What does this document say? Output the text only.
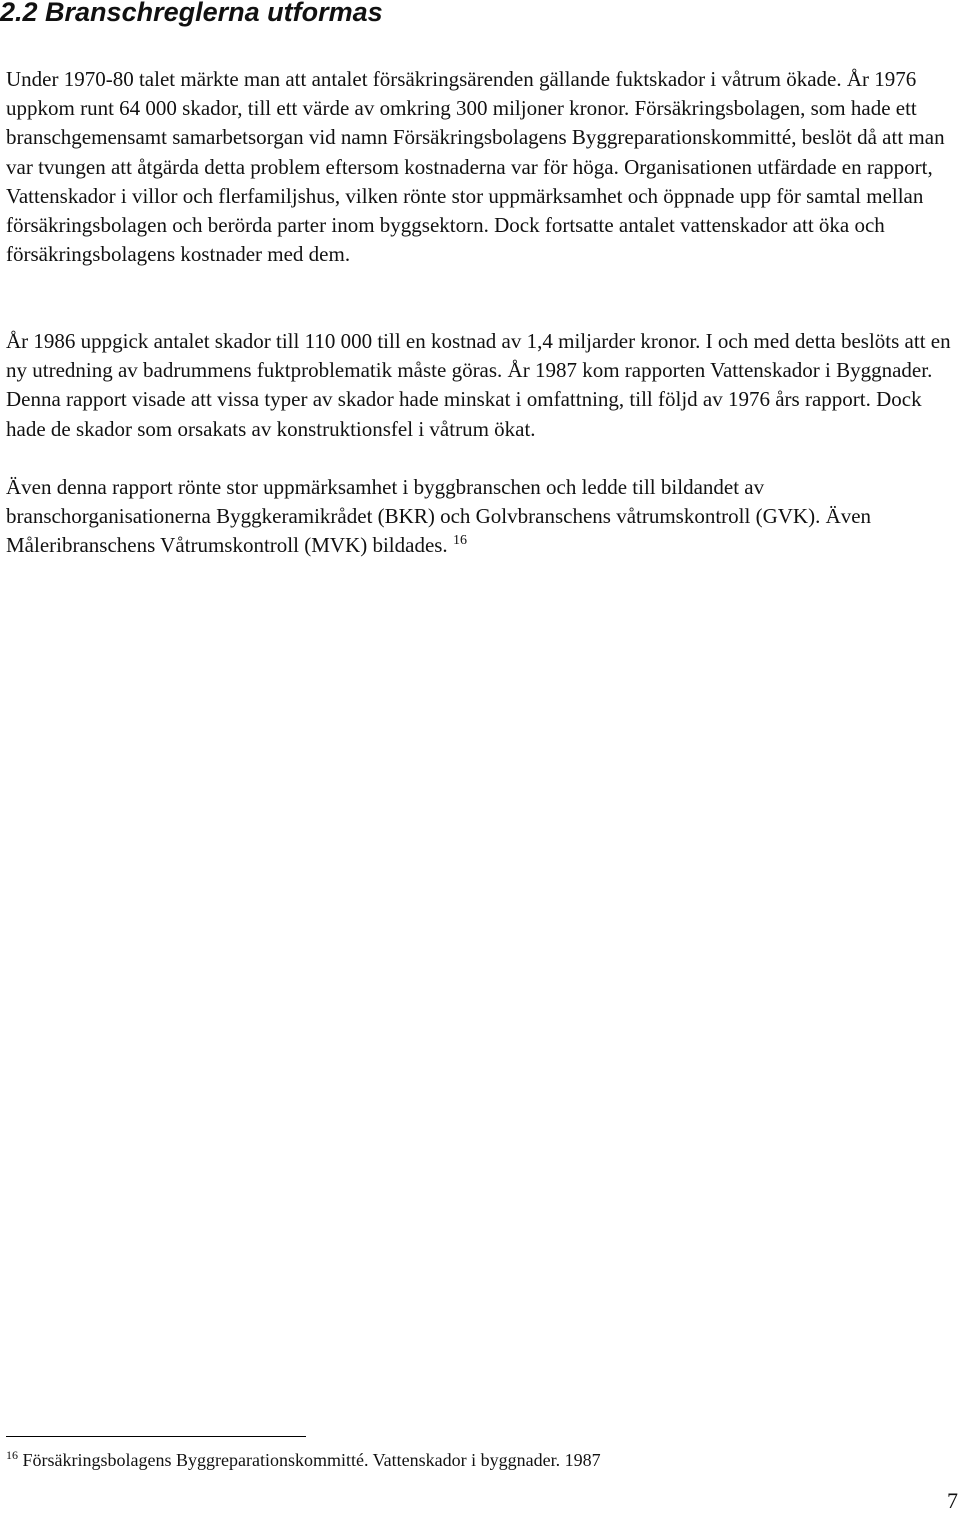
2.2 Branschreglerna utformas

Under 1970-80 talet märkte man att antalet försäkringsärenden gällande fuktskador i våtrum ökade. År 1976 uppkom runt 64 000 skador, till ett värde av omkring 300 miljoner kronor. Försäkringsbolagen, som hade ett branschgemensamt samarbetsorgan vid namn Försäkringsbolagens Byggreparationskommitté, beslöt då att man var tvungen att åtgärda detta problem eftersom kostnaderna var för höga. Organisationen utfärdade en rapport, Vattenskador i villor och flerfamiljshus, vilken rönte stor uppmärksamhet och öppnade upp för samtal mellan försäkringsbolagen och berörda parter inom byggsektorn. Dock fortsatte antalet vattenskador att öka och försäkringsbolagens kostnader med dem.

År 1986 uppgick antalet skador till 110 000 till en kostnad av 1,4 miljarder kronor. I och med detta beslöts att en ny utredning av badrummens fuktproblematik måste göras. År 1987 kom rapporten Vattenskador i Byggnader. Denna rapport visade att vissa typer av skador hade minskat i omfattning, till följd av 1976 års rapport. Dock hade de skador som orsakats av konstruktionsfel i våtrum ökat.

Även denna rapport rönte stor uppmärksamhet i byggbranschen och ledde till bildandet av branschorganisationerna Byggkeramikrådet (BKR) och Golvbranschens våtrumskontroll (GVK). Även Måleribranschens Våtrumskontroll (MVK) bildades. $^{16}$

$^{16}$ Försäkringsbolagens Byggreparationskommitté. Vattenskador i byggnader. 1987

7
